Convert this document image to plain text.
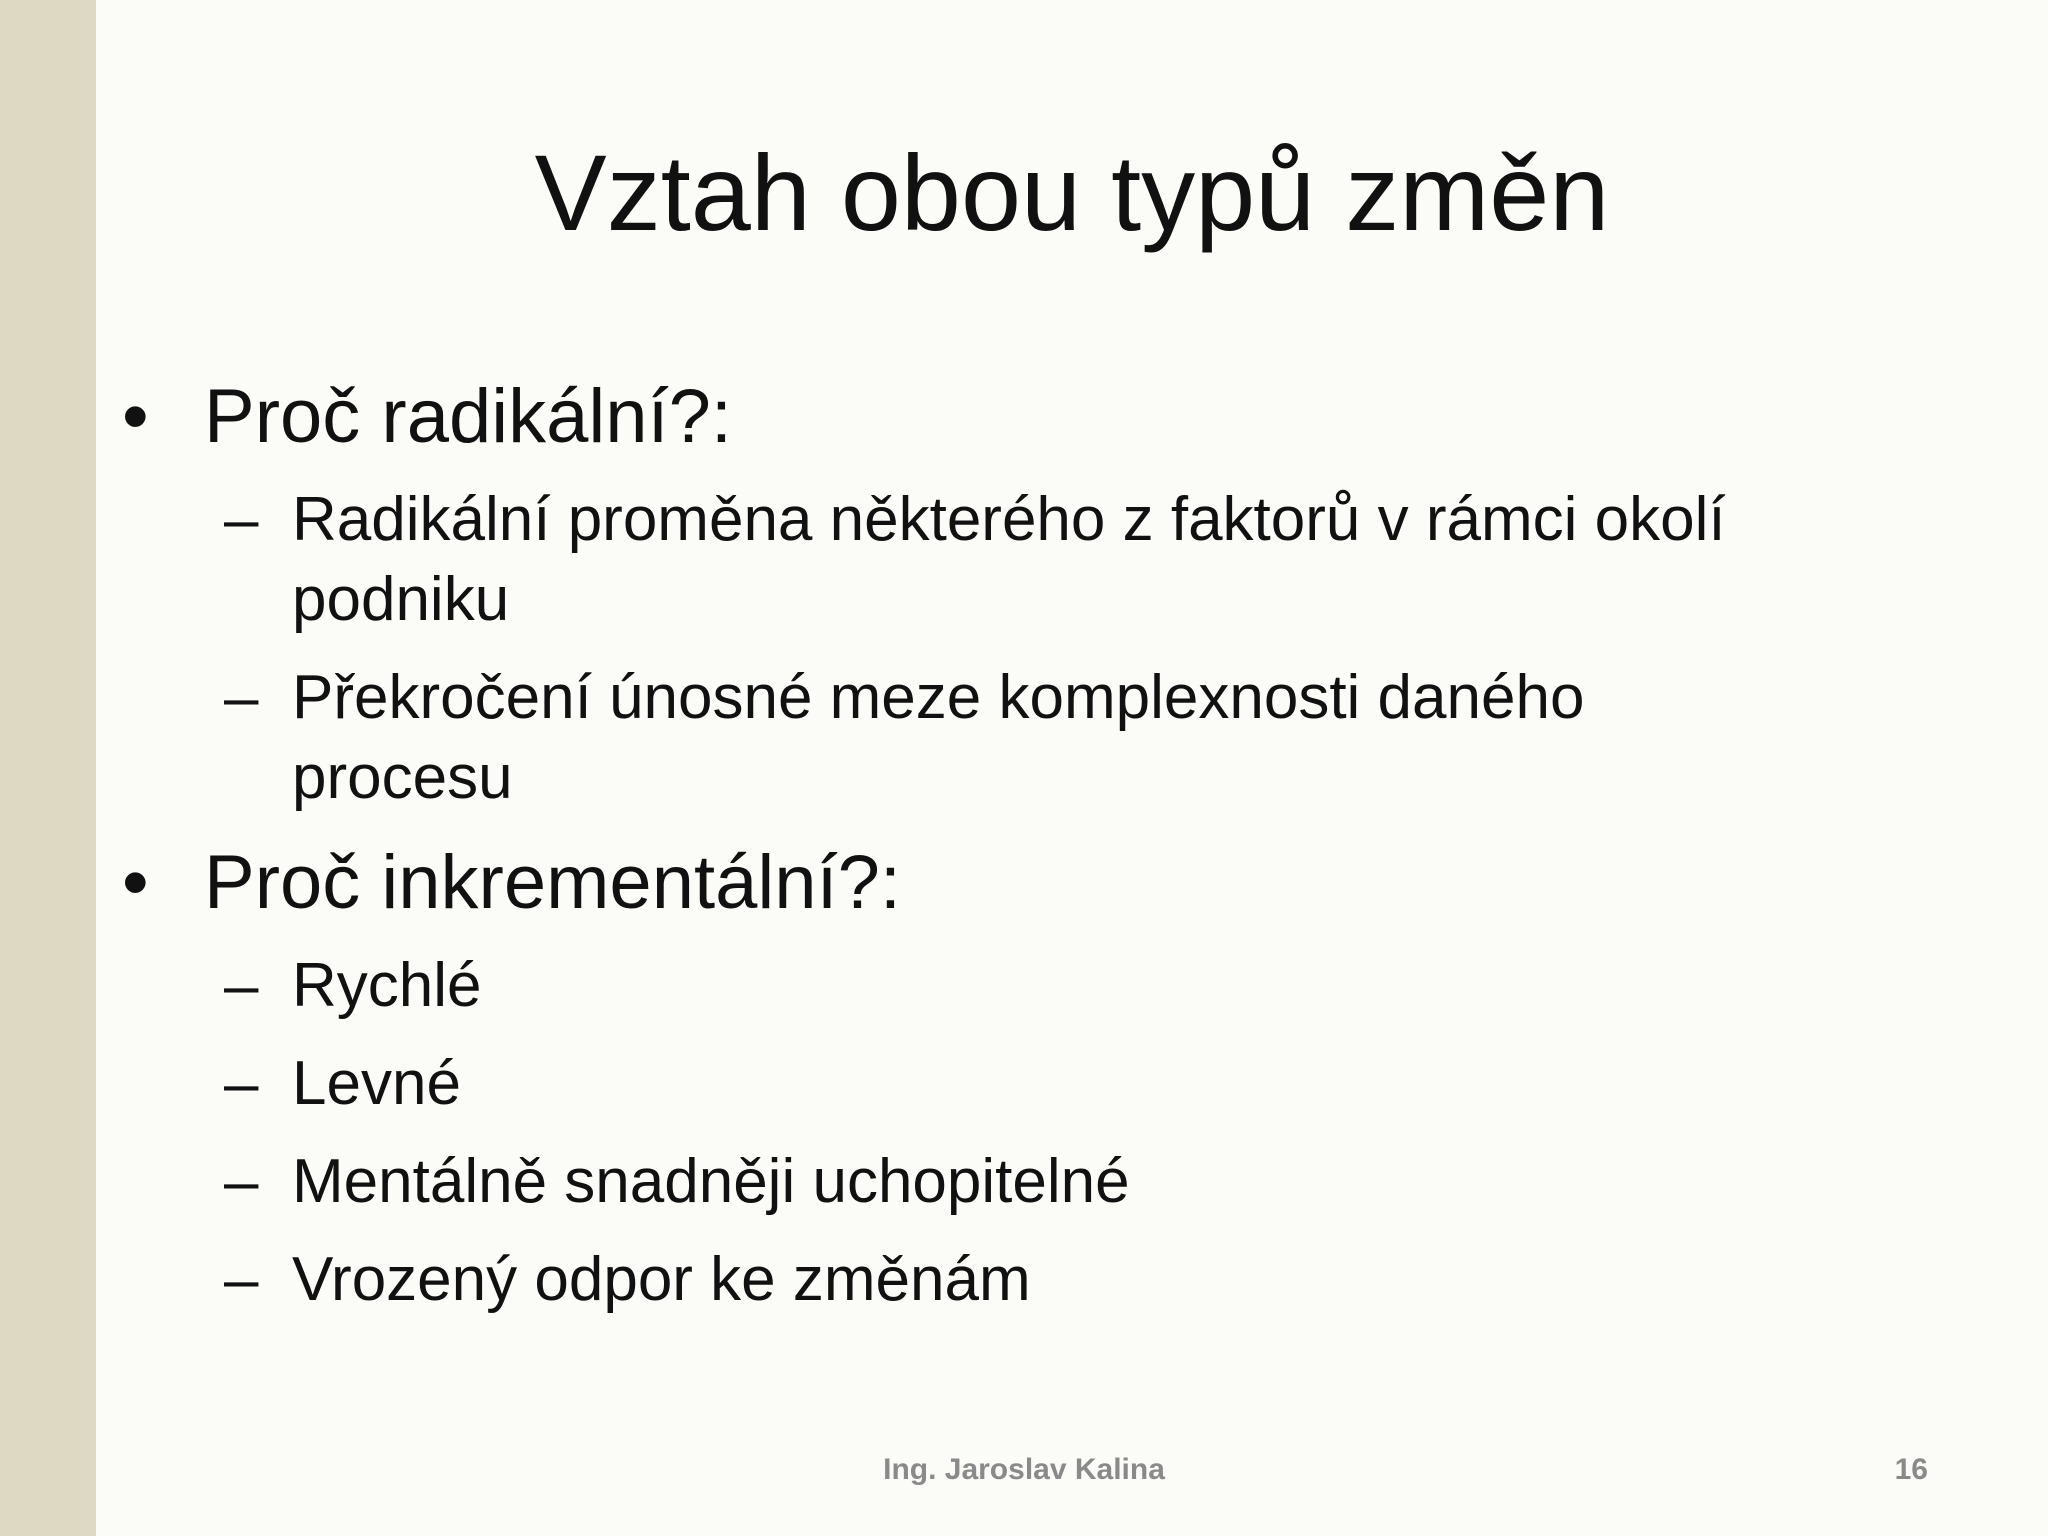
Vztah obou typů změn
• Proč radikální?:
– Radikální proměna některého z faktorů v rámci okolí
podniku
– Překročení únosné meze komplexnosti daného
procesu
• Proč inkrementální?:
– Rychlé
– Levné
– Mentálně snadněji uchopitelné
– Vrozený odpor ke změnám
Ing. Jaroslav Kalina	16
